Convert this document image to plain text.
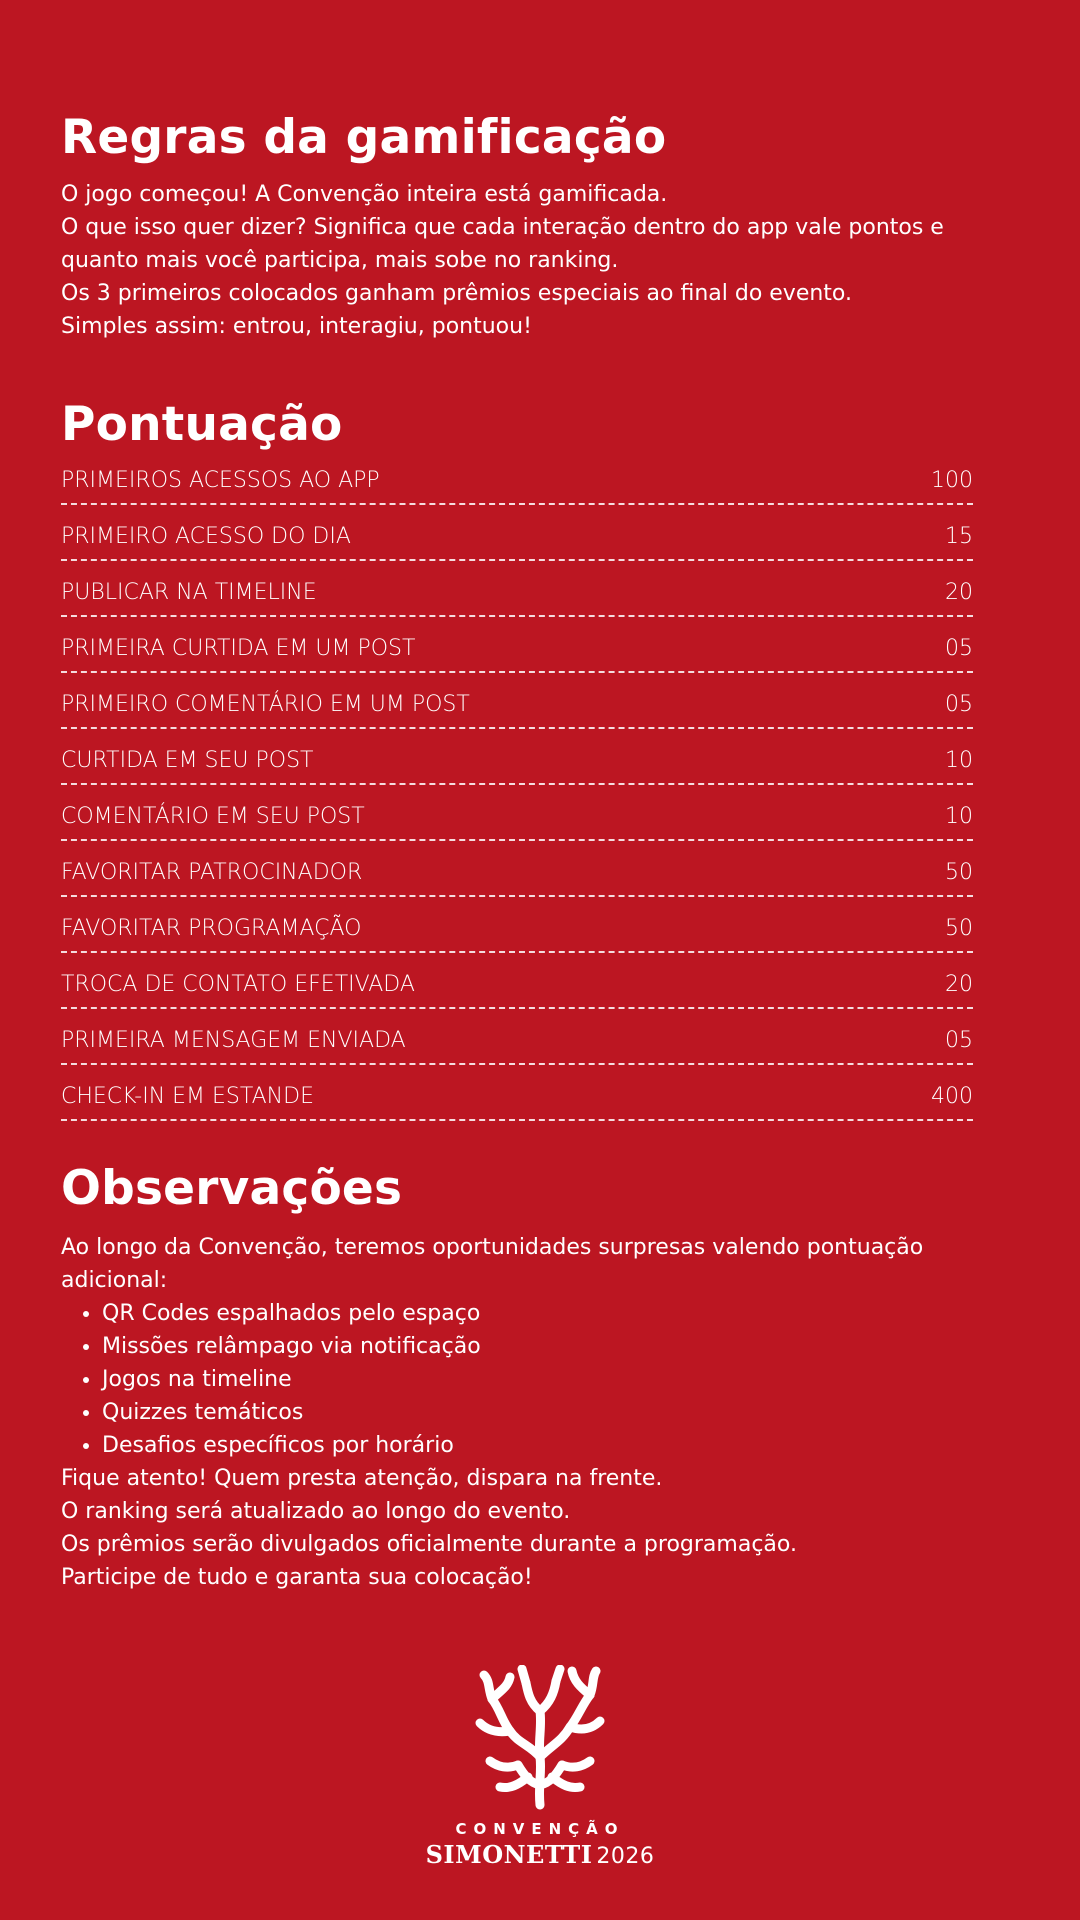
Regras da gamificação

O jogo começou! A Convenção inteira está gamificada.

O que isso quer dizer? Significa que cada interação dentro do app vale pontos e quanto mais você participa, mais sobe no ranking.

Os 3 primeiros colocados ganham prêmios especiais ao final do evento.

Simples assim: entrou, interagiu, pontuou!

Pontuação
PRIMEIROS ACESSOS AO APP	100
PRIMEIRO ACESSO DO DIA	15
PUBLICAR NA TIMELINE	20
PRIMEIRA CURTIDA EM UM POST	05
PRIMEIRO COMENTÁRIO EM UM POST	05
CURTIDA EM SEU POST	10
COMENTÁRIO EM SEU POST	10
FAVORITAR PATROCINADOR	50
FAVORITAR PROGRAMAÇÃO	50
TROCA DE CONTATO EFETIVADA	20
PRIMEIRA MENSAGEM ENVIADA	05
CHECK-IN EM ESTANDE	400
Observações

Ao longo da Convenção, teremos oportunidades surpresas valendo pontuação adicional:

• QR Codes espalhados pelo espaço
• Missões relâmpago via notificação
• Jogos na timeline
• Quizzes temáticos
• Desafios específicos por horário

Fique atento! Quem presta atenção, dispara na frente.

O ranking será atualizado ao longo do evento.

Os prêmios serão divulgados oficialmente durante a programação.

Participe de tudo e garanta sua colocação!

CONVENÇÃO
SIMONETTI 2026
